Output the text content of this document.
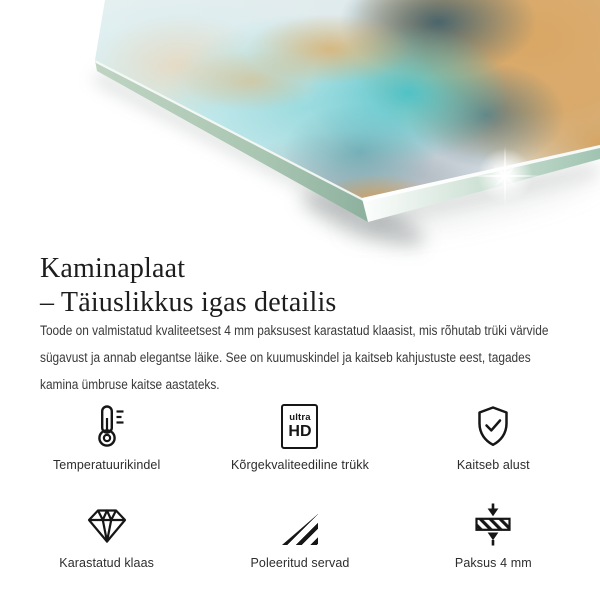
Kaminaplaat
– Täiuslikkus igas detailis
Toode on valmistatud kvaliteetsest 4 mm paksusest karastatud klaasist, mis rõhutab trüki värvide
sügavust ja annab elegantse läike. See on kuumuskindel ja kaitseb kahjustuste eest, tagades
kamina ümbruse kaitse aastateks.
Temperatuurikindel
ultra
HD
Kõrgekvaliteediline trükk	Kaitseb alust
Karastatud klaas	Poleeritud servad	Paksus 4 mm
